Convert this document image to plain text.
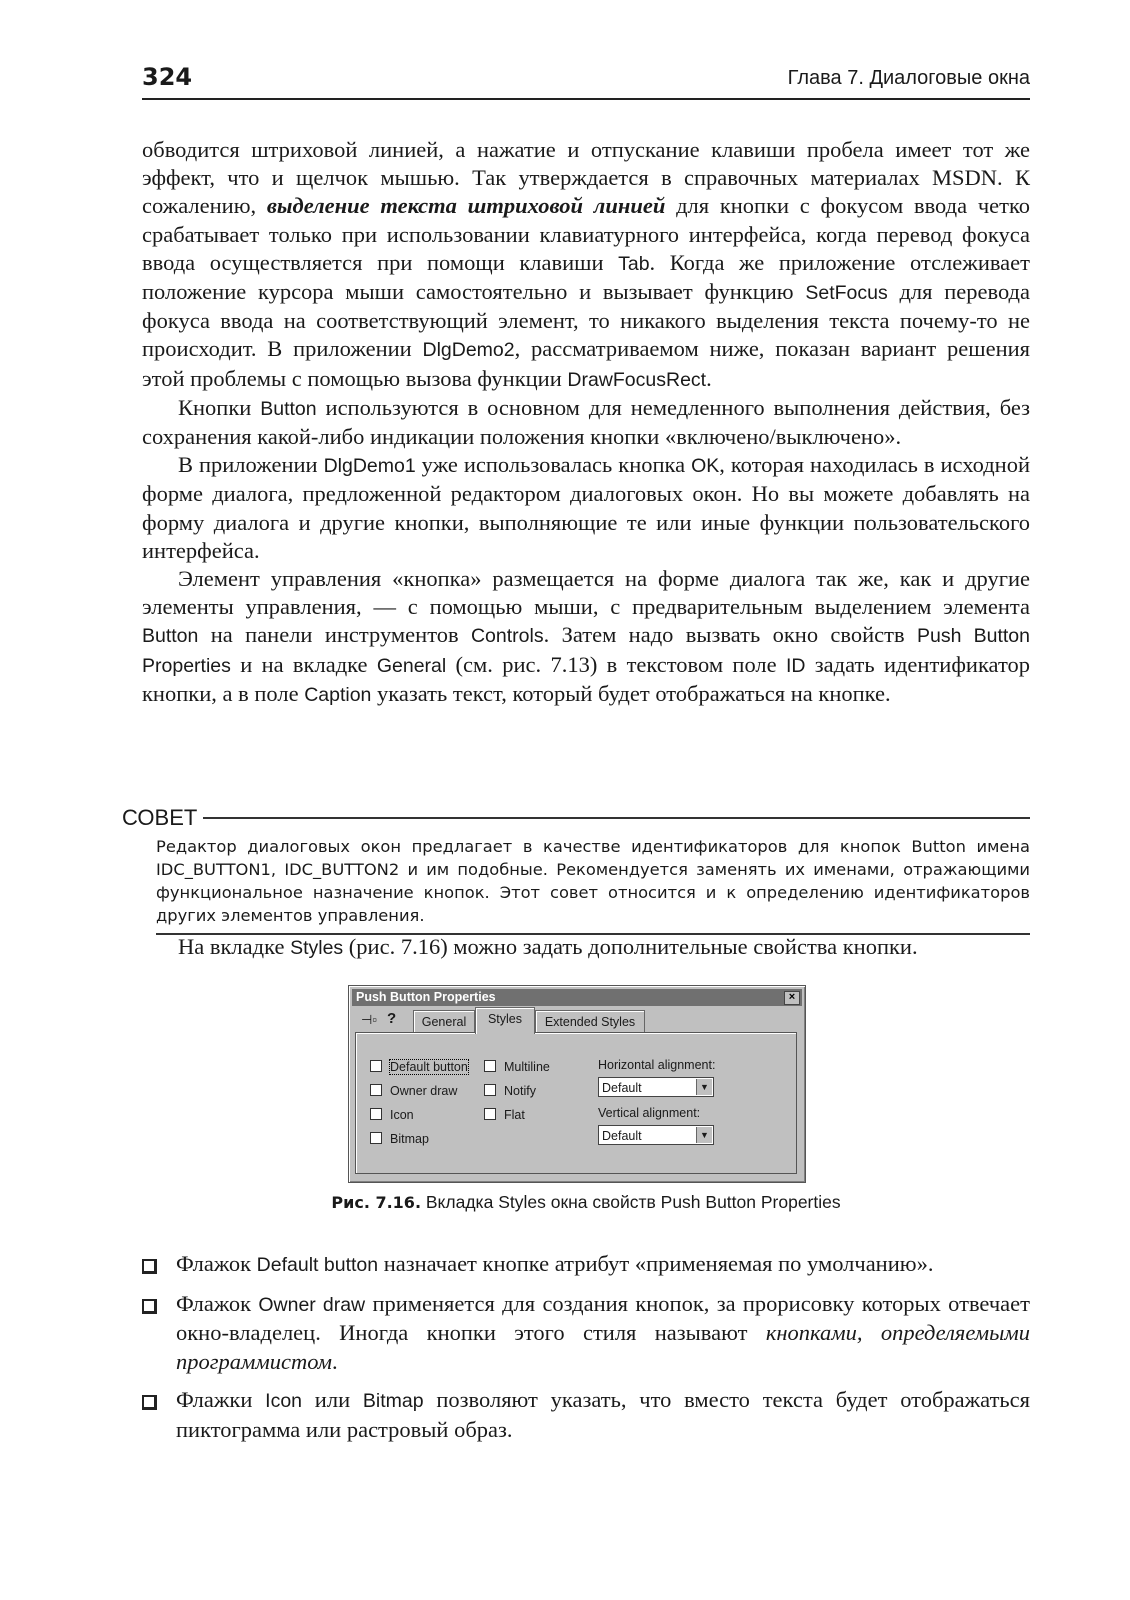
324	Глава 7. Диалоговые окна

обводится штриховой линией, а нажатие и отпускание клавиши пробела имеет тот же эффект, что и щелчок мышью. Так утверждается в справочных материалах MSDN. К сожалению, выделение текста штриховой линией для кнопки с фокусом ввода четко срабатывает только при использовании клавиатурного интерфейса, когда перевод фокуса ввода осуществляется при помощи клавиши Tab. Когда же приложение отслеживает положение курсора мыши самостоятельно и вызывает функцию SetFocus для перевода фокуса ввода на соответствующий элемент, то никакого выделения текста почему-то не происходит. В приложении DlgDemo2, рассматриваемом ниже, показан вариант решения этой проблемы с помощью вызова функции DrawFocusRect.

Кнопки Button используются в основном для немедленного выполнения действия, без сохранения какой-либо индикации положения кнопки «включено/выключено».

В приложении DlgDemo1 уже использовалась кнопка OK, которая находилась в исходной форме диалога, предложенной редактором диалоговых окон. Но вы можете добавлять на форму диалога и другие кнопки, выполняющие те или иные функции пользовательского интерфейса.

Элемент управления «кнопка» размещается на форме диалога так же, как и другие элементы управления, — с помощью мыши, с предварительным выделением элемента Button на панели инструментов Controls. Затем надо вызвать окно свойств Push Button Properties и на вкладке General (см. рис. 7.13) в текстовом поле ID задать идентификатор кнопки, а в поле Caption указать текст, который будет отображаться на кнопке.

СОВЕТ
Редактор диалоговых окон предлагает в качестве идентификаторов для кнопок Button имена IDC_BUTTON1, IDC_BUTTON2 и им подобные. Рекомендуется заменять их именами, отражающими функциональное назначение кнопок. Этот совет относится и к определению идентификаторов других элементов управления.
На вкладке Styles (рис. 7.16) можно задать дополнительные свойства кнопки.
Push Button Properties	×
⊣▫ ?	General	Styles	Extended Styles
Default button
Owner draw
Icon
Bitmap
Multiline
Notify
Flat
Horizontal alignment:
Default	▼
Vertical alignment:
Default	▼
Рис. 7.16. Вкладка Styles окна свойств Push Button Properties
Флажок Default button назначает кнопке атрибут «применяемая по умолчанию».
Флажок Owner draw применяется для создания кнопок, за прорисовку которых отвечает окно-владелец. Иногда кнопки этого стиля называют кнопками, определяемыми программистом.
Флажки Icon или Bitmap позволяют указать, что вместо текста будет отображаться пиктограмма или растровый образ.
